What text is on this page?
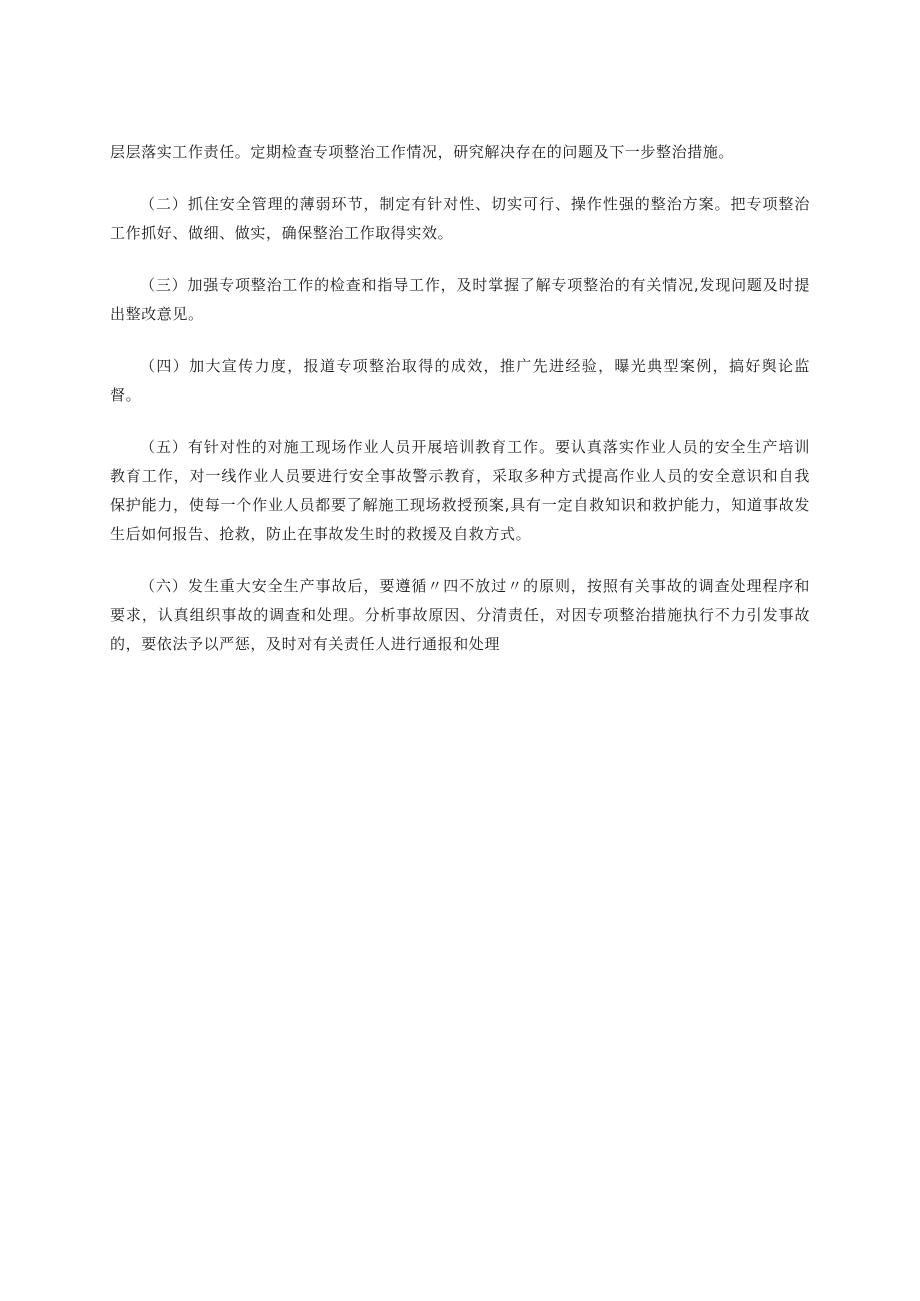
层层落实工作责任。定期检查专项整治工作情况，研究解决存在的问题及下一步整治措施。

（二）抓住安全管理的薄弱环节，制定有针对性、切实可行、操作性强的整治方案。把专项整治工作抓好、做细、做实，确保整治工作取得实效。

（三）加强专项整治工作的检查和指导工作，及时掌握了解专项整治的有关情况,发现问题及时提出整改意见。

（四）加大宣传力度，报道专项整治取得的成效，推广先进经验，曝光典型案例，搞好舆论监督。

（五）有针对性的对施工现场作业人员开展培训教育工作。要认真落实作业人员的安全生产培训教育工作，对一线作业人员要进行安全事故警示教育，采取多种方式提高作业人员的安全意识和自我保护能力，使每一个作业人员都要了解施工现场救授预案,具有一定自救知识和救护能力，知道事故发生后如何报告、抢救，防止在事故发生时的救援及自救方式。

（六）发生重大安全生产事故后，要遵循〃四不放过〃的原则，按照有关事故的调查处理程序和要求，认真组织事故的调查和处理。分析事故原因、分清责任，对因专项整治措施执行不力引发事故的，要依法予以严惩，及时对有关责任人进行通报和处理
